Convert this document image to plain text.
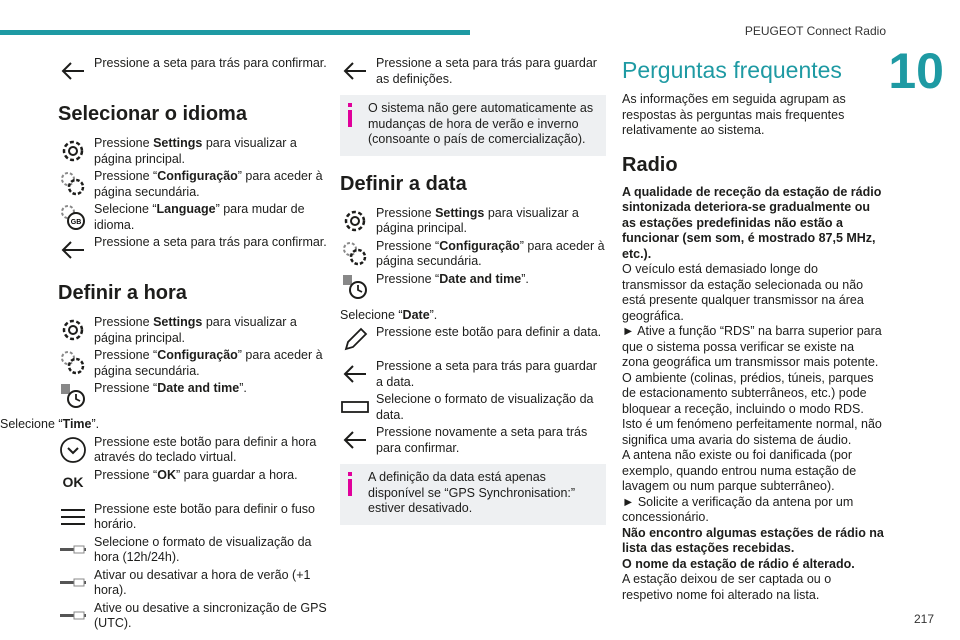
PEUGEOT Connect Radio
10
217
Pressione a seta para trás para confirmar.
Selecionar o idioma
Pressione Settings para visualizar a página principal.
Pressione “Configuração” para aceder à página secundária.
GB
Selecione “Language” para mudar de idioma.
Pressione a seta para trás para confirmar.
Definir a hora
Pressione Settings para visualizar a página principal.
Pressione “Configuração” para aceder à página secundária.
Pressione “Date and time”.

Selecione “Time”.

Pressione este botão para definir a hora através do teclado virtual.
OK Pressione “OK” para guardar a hora.
Pressione este botão para definir o fuso horário.
Selecione o formato de visualização da hora (12h/24h).
Ativar ou desativar a hora de verão (+1 hora).
Ative ou desative a sincronização de GPS (UTC).
Pressione a seta para trás para guardar as definições.
O sistema não gere automaticamente as mudanças de hora de verão e inverno (consoante o país de comercialização).
Definir a data
Pressione Settings para visualizar a página principal.
Pressione “Configuração” para aceder à página secundária.
Pressione “Date and time”.

Selecione “Date”.

Pressione este botão para definir a data.
Pressione a seta para trás para guardar a data.
Selecione o formato de visualização da data.
Pressione novamente a seta para trás para confirmar.
A definição da data está apenas disponível se “GPS Synchronisation:” estiver desativado.
Perguntas frequentes

As informações em seguida agrupam as respostas às perguntas mais frequentes relativamente ao sistema.

Radio

A qualidade de receção da estação de rádio sintonizada deteriora-se gradualmente ou as estações predefinidas não estão a funcionar (sem som, é mostrado 87,5 MHz, etc.).

O veículo está demasiado longe do transmissor da estação selecionada ou não está presente qualquer transmissor na área geográfica.

► Ative a função “RDS” na barra superior para que o sistema possa verificar se existe na zona geográfica um transmissor mais potente.

O ambiente (colinas, prédios, túneis, parques de estacionamento subterrâneos, etc.) pode bloquear a receção, incluindo o modo RDS.

Isto é um fenómeno perfeitamente normal, não significa uma avaria do sistema de áudio.

A antena não existe ou foi danificada (por exemplo, quando entrou numa estação de lavagem ou num parque subterrâneo).

► Solicite a verificação da antena por um concessionário.

Não encontro algumas estações de rádio na lista das estações recebidas.

O nome da estação de rádio é alterado.

A estação deixou de ser captada ou o respetivo nome foi alterado na lista.
